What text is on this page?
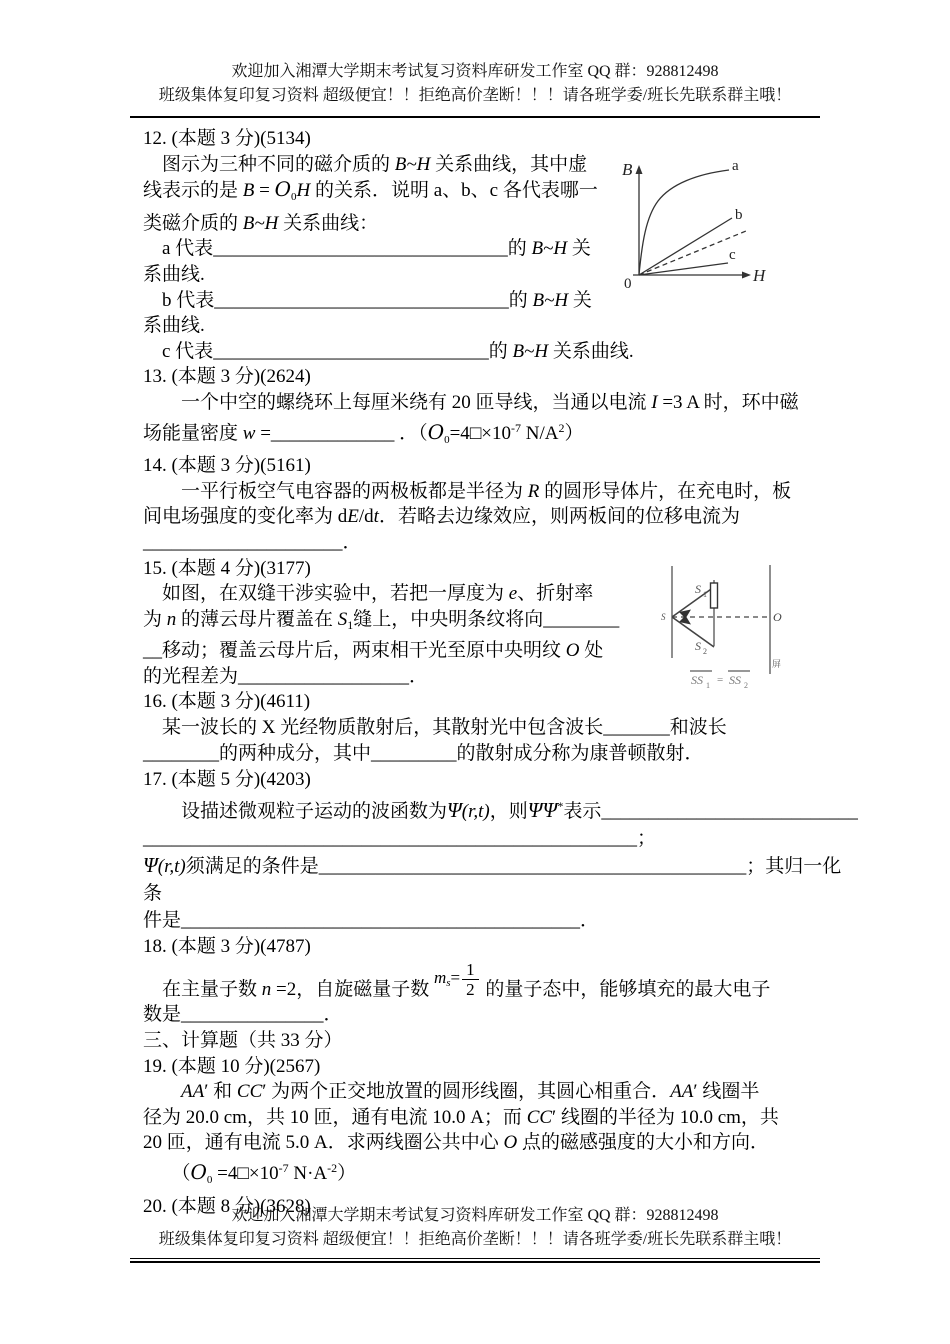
欢迎加入湘潭大学期末考试复习资料库研发工作室 QQ 群：928812498
班级集体复印复习资料 超级便宜！！拒绝高价垄断！！！请各班学委/班长先联系群主哦！
12. (本题 3 分)(5134)
　图示为三种不同的磁介质的 B~H 关系曲线，其中虚
线表示的是 $B = O_0H$ 的关系．说明 a、b、c 各代表哪一
类磁介质的 B~H 关系曲线：
　a 代表_______________________________的 B~H 关
系曲线.
　b 代表_______________________________的 B~H 关
系曲线.
　c 代表_____________________________的 B~H 关系曲线.
13. (本题 3 分)(2624)
　　一个中空的螺绕环上每厘米绕有 20 匝导线，当通以电流 I =3 A 时，环中磁
场能量密度 w =_____________ ．（$O_0=4□\times 10^{-7}$ $N/A^2$）
14. (本题 3 分)(5161)
　　一平行板空气电容器的两极板都是半径为 R 的圆形导体片，在充电时，板
间电场强度的变化率为 dE/dt．若略去边缘效应，则两板间的位移电流为
_____________________．
15. (本题 4 分)(3177)
　如图，在双缝干涉实验中，若把一厚度为 e、折射率
为 n 的薄云母片覆盖在 $S_1$缝上，中央明条纹将向________
__移动；覆盖云母片后，两束相干光至原中央明纹 O 处
的光程差为__________________．
16. (本题 3 分)(4611)
　某一波长的 X 光经物质散射后，其散射光中包含波长_______和波长
________的两种成分，其中_________的散射成分称为康普顿散射．
17. (本题 5 分)(4203)
　　设描述微观粒子运动的波函数为Ψ(r,t)，则ΨΨ*表示___________________________
____________________________________________________；
Ψ(r,t)须满足的条件是_____________________________________________；其归一化
条
件是__________________________________________．
18. (本题 3 分)(4787)
　在主量子数 n =2，自旋磁量子数 $m_s= \frac{1}{2}$ 的量子态中，能够填充的最大电子
数是_______________．
三、计算题（共 33 分）
19. (本题 10 分)(2567)
　　AA′ 和 CC′ 为两个正交地放置的圆形线圈，其圆心相重合．AA′ 线圈半
径为 20.0 cm，共 10 匝，通有电流 10.0 A；而 CC′ 线圈的半径为 10.0 cm，共
20 匝，通有电流 5.0 A．求两线圈公共中心 O 点的磁感强度的大小和方向．
　　（$O_0$ $=4□\times 10^{-7}$ $N\cdot A^{-2}$）
20. (本题 8 分)(3628)
B
H
0
a
b
c
S
S 1
S 2
O
屏
SS 1 = SS 2
欢迎加入湘潭大学期末考试复习资料库研发工作室 QQ 群：928812498
班级集体复印复习资料 超级便宜！！拒绝高价垄断！！！请各班学委/班长先联系群主哦！
